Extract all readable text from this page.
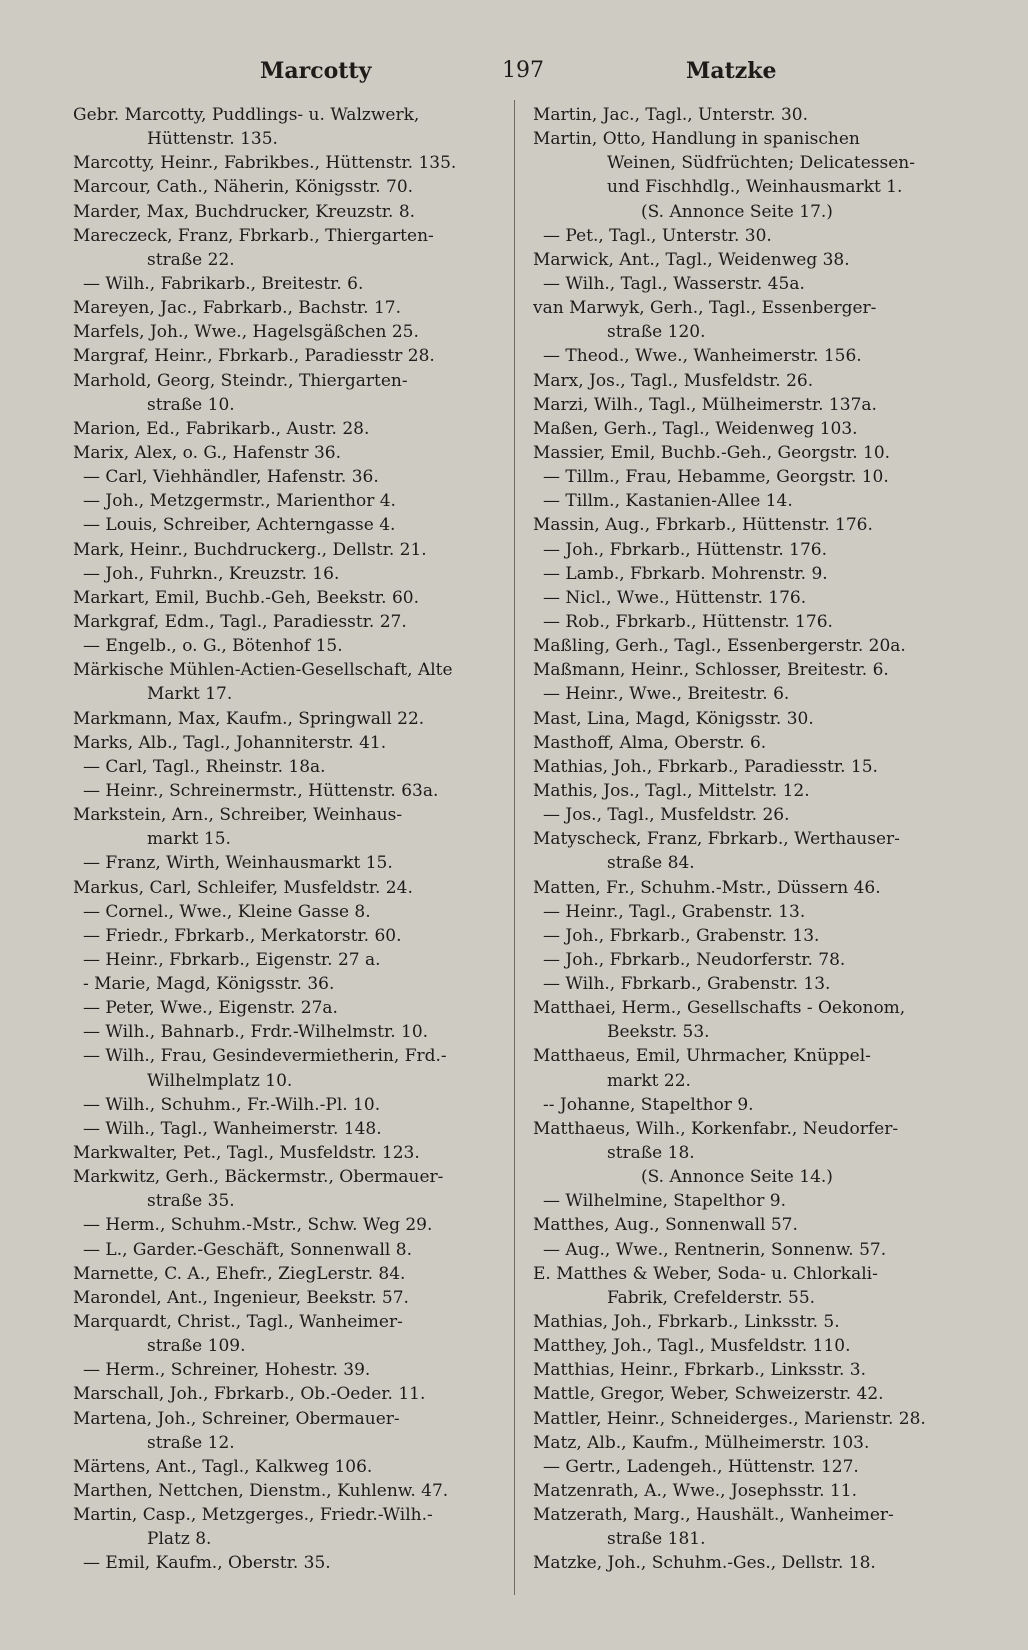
Marcotty	197	Matzke
Gebr. Marcotty, Puddlings- u. Walzwerk,
Hüttenstr. 135.
Marcotty, Heinr., Fabrikbes., Hüttenstr. 135.
Marcour, Cath., Näherin, Königsstr. 70.
Marder, Max, Buchdrucker, Kreuzstr. 8.
Mareczeck, Franz, Fbrkarb., Thiergarten-
straße 22.
— Wilh., Fabrikarb., Breitestr. 6.
Mareyen, Jac., Fabrkarb., Bachstr. 17.
Marfels, Joh., Wwe., Hagelsgäßchen 25.
Margraf, Heinr., Fbrkarb., Paradiesstr 28.
Marhold, Georg, Steindr., Thiergarten-
straße 10.
Marion, Ed., Fabrikarb., Austr. 28.
Marix, Alex, o. G., Hafenstr 36.
— Carl, Viehhändler, Hafenstr. 36.
— Joh., Metzgermstr., Marienthor 4.
— Louis, Schreiber, Achterngasse 4.
Mark, Heinr., Buchdruckerg., Dellstr. 21.
— Joh., Fuhrkn., Kreuzstr. 16.
Markart, Emil, Buchb.-Geh, Beekstr. 60.
Markgraf, Edm., Tagl., Paradiesstr. 27.
— Engelb., o. G., Bötenhof 15.
Märkische Mühlen-Actien-Gesellschaft, Alte
Markt 17.
Markmann, Max, Kaufm., Springwall 22.
Marks, Alb., Tagl., Johanniterstr. 41.
— Carl, Tagl., Rheinstr. 18a.
— Heinr., Schreinermstr., Hüttenstr. 63a.
Markstein, Arn., Schreiber, Weinhaus-
markt 15.
— Franz, Wirth, Weinhausmarkt 15.
Markus, Carl, Schleifer, Musfeldstr. 24.
— Cornel., Wwe., Kleine Gasse 8.
— Friedr., Fbrkarb., Merkatorstr. 60.
— Heinr., Fbrkarb., Eigenstr. 27 a.
- Marie, Magd, Königsstr. 36.
— Peter, Wwe., Eigenstr. 27a.
— Wilh., Bahnarb., Frdr.-Wilhelmstr. 10.
— Wilh., Frau, Gesindevermietherin, Frd.-
Wilhelmplatz 10.
— Wilh., Schuhm., Fr.-Wilh.-Pl. 10.
— Wilh., Tagl., Wanheimerstr. 148.
Markwalter, Pet., Tagl., Musfeldstr. 123.
Markwitz, Gerh., Bäckermstr., Obermauer-
straße 35.
— Herm., Schuhm.-Mstr., Schw. Weg 29.
— L., Garder.-Geschäft, Sonnenwall 8.
Marnette, C. A., Ehefr., ZiegLerstr. 84.
Marondel, Ant., Ingenieur, Beekstr. 57.
Marquardt, Christ., Tagl., Wanheimer-
straße 109.
— Herm., Schreiner, Hohestr. 39.
Marschall, Joh., Fbrkarb., Ob.-Oeder. 11.
Martena, Joh., Schreiner, Obermauer-
straße 12.
Märtens, Ant., Tagl., Kalkweg 106.
Marthen, Nettchen, Dienstm., Kuhlenw. 47.
Martin, Casp., Metzgerges., Friedr.-Wilh.-
Platz 8.
— Emil, Kaufm., Oberstr. 35.
Martin, Jac., Tagl., Unterstr. 30.
Martin, Otto, Handlung in spanischen
Weinen, Südfrüchten; Delicatessen-
und Fischhdlg., Weinhausmarkt 1.
(S. Annonce Seite 17.)
— Pet., Tagl., Unterstr. 30.
Marwick, Ant., Tagl., Weidenweg 38.
— Wilh., Tagl., Wasserstr. 45a.
van Marwyk, Gerh., Tagl., Essenberger-
straße 120.
— Theod., Wwe., Wanheimerstr. 156.
Marx, Jos., Tagl., Musfeldstr. 26.
Marzi, Wilh., Tagl., Mülheimerstr. 137a.
Maßen, Gerh., Tagl., Weidenweg 103.
Massier, Emil, Buchb.-Geh., Georgstr. 10.
— Tillm., Frau, Hebamme, Georgstr. 10.
— Tillm., Kastanien-Allee 14.
Massin, Aug., Fbrkarb., Hüttenstr. 176.
— Joh., Fbrkarb., Hüttenstr. 176.
— Lamb., Fbrkarb. Mohrenstr. 9.
— Nicl., Wwe., Hüttenstr. 176.
— Rob., Fbrkarb., Hüttenstr. 176.
Maßling, Gerh., Tagl., Essenbergerstr. 20a.
Maßmann, Heinr., Schlosser, Breitestr. 6.
— Heinr., Wwe., Breitestr. 6.
Mast, Lina, Magd, Königsstr. 30.
Masthoff, Alma, Oberstr. 6.
Mathias, Joh., Fbrkarb., Paradiesstr. 15.
Mathis, Jos., Tagl., Mittelstr. 12.
— Jos., Tagl., Musfeldstr. 26.
Matyscheck, Franz, Fbrkarb., Werthauser-
straße 84.
Matten, Fr., Schuhm.-Mstr., Düssern 46.
— Heinr., Tagl., Grabenstr. 13.
— Joh., Fbrkarb., Grabenstr. 13.
— Joh., Fbrkarb., Neudorferstr. 78.
— Wilh., Fbrkarb., Grabenstr. 13.
Matthaei, Herm., Gesellschafts - Oekonom,
Beekstr. 53.
Matthaeus, Emil, Uhrmacher, Knüppel-
markt 22.
-- Johanne, Stapelthor 9.
Matthaeus, Wilh., Korkenfabr., Neudorfer-
straße 18.
(S. Annonce Seite 14.)
— Wilhelmine, Stapelthor 9.
Matthes, Aug., Sonnenwall 57.
— Aug., Wwe., Rentnerin, Sonnenw. 57.
E. Matthes & Weber, Soda- u. Chlorkali-
Fabrik, Crefelderstr. 55.
Mathias, Joh., Fbrkarb., Linksstr. 5.
Matthey, Joh., Tagl., Musfeldstr. 110.
Matthias, Heinr., Fbrkarb., Linksstr. 3.
Mattle, Gregor, Weber, Schweizerstr. 42.
Mattler, Heinr., Schneiderges., Marienstr. 28.
Matz, Alb., Kaufm., Mülheimerstr. 103.
— Gertr., Ladengeh., Hüttenstr. 127.
Matzenrath, A., Wwe., Josephsstr. 11.
Matzerath, Marg., Haushält., Wanheimer-
straße 181.
Matzke, Joh., Schuhm.-Ges., Dellstr. 18.
